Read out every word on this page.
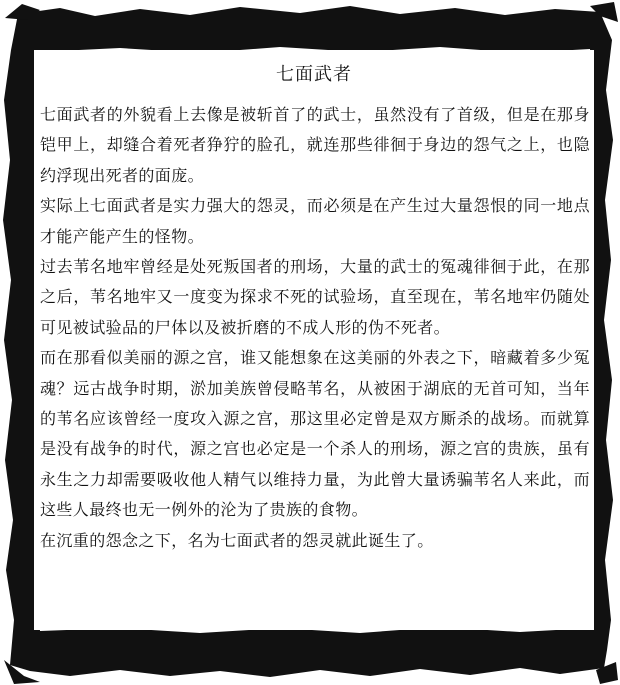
七面武者

七面武者的外貌看上去像是被斩首了的武士，虽然没有了首级，但是在那身铠甲上，却缝合着死者狰狞的脸孔，就连那些徘徊于身边的怨气之上，也隐约浮现出死者的面庞。

实际上七面武者是实力强大的怨灵，而必须是在产生过大量怨恨的同一地点才能产能产生的怪物。

过去苇名地牢曾经是处死叛国者的刑场，大量的武士的冤魂徘徊于此，在那之后，苇名地牢又一度变为探求不死的试验场，直至现在，苇名地牢仍随处可见被试验品的尸体以及被折磨的不成人形的伪不死者。

而在那看似美丽的源之宫，谁又能想象在这美丽的外表之下，暗藏着多少冤魂？远古战争时期，淤加美族曾侵略苇名，从被困于湖底的无首可知，当年的苇名应该曾经一度攻入源之宫，那这里必定曾是双方厮杀的战场。而就算是没有战争的时代，源之宫也必定是一个杀人的刑场，源之宫的贵族，虽有永生之力却需要吸收他人精气以维持力量，为此曾大量诱骗苇名人来此，而这些人最终也无一例外的沦为了贵族的食物。

在沉重的怨念之下，名为七面武者的怨灵就此诞生了。
